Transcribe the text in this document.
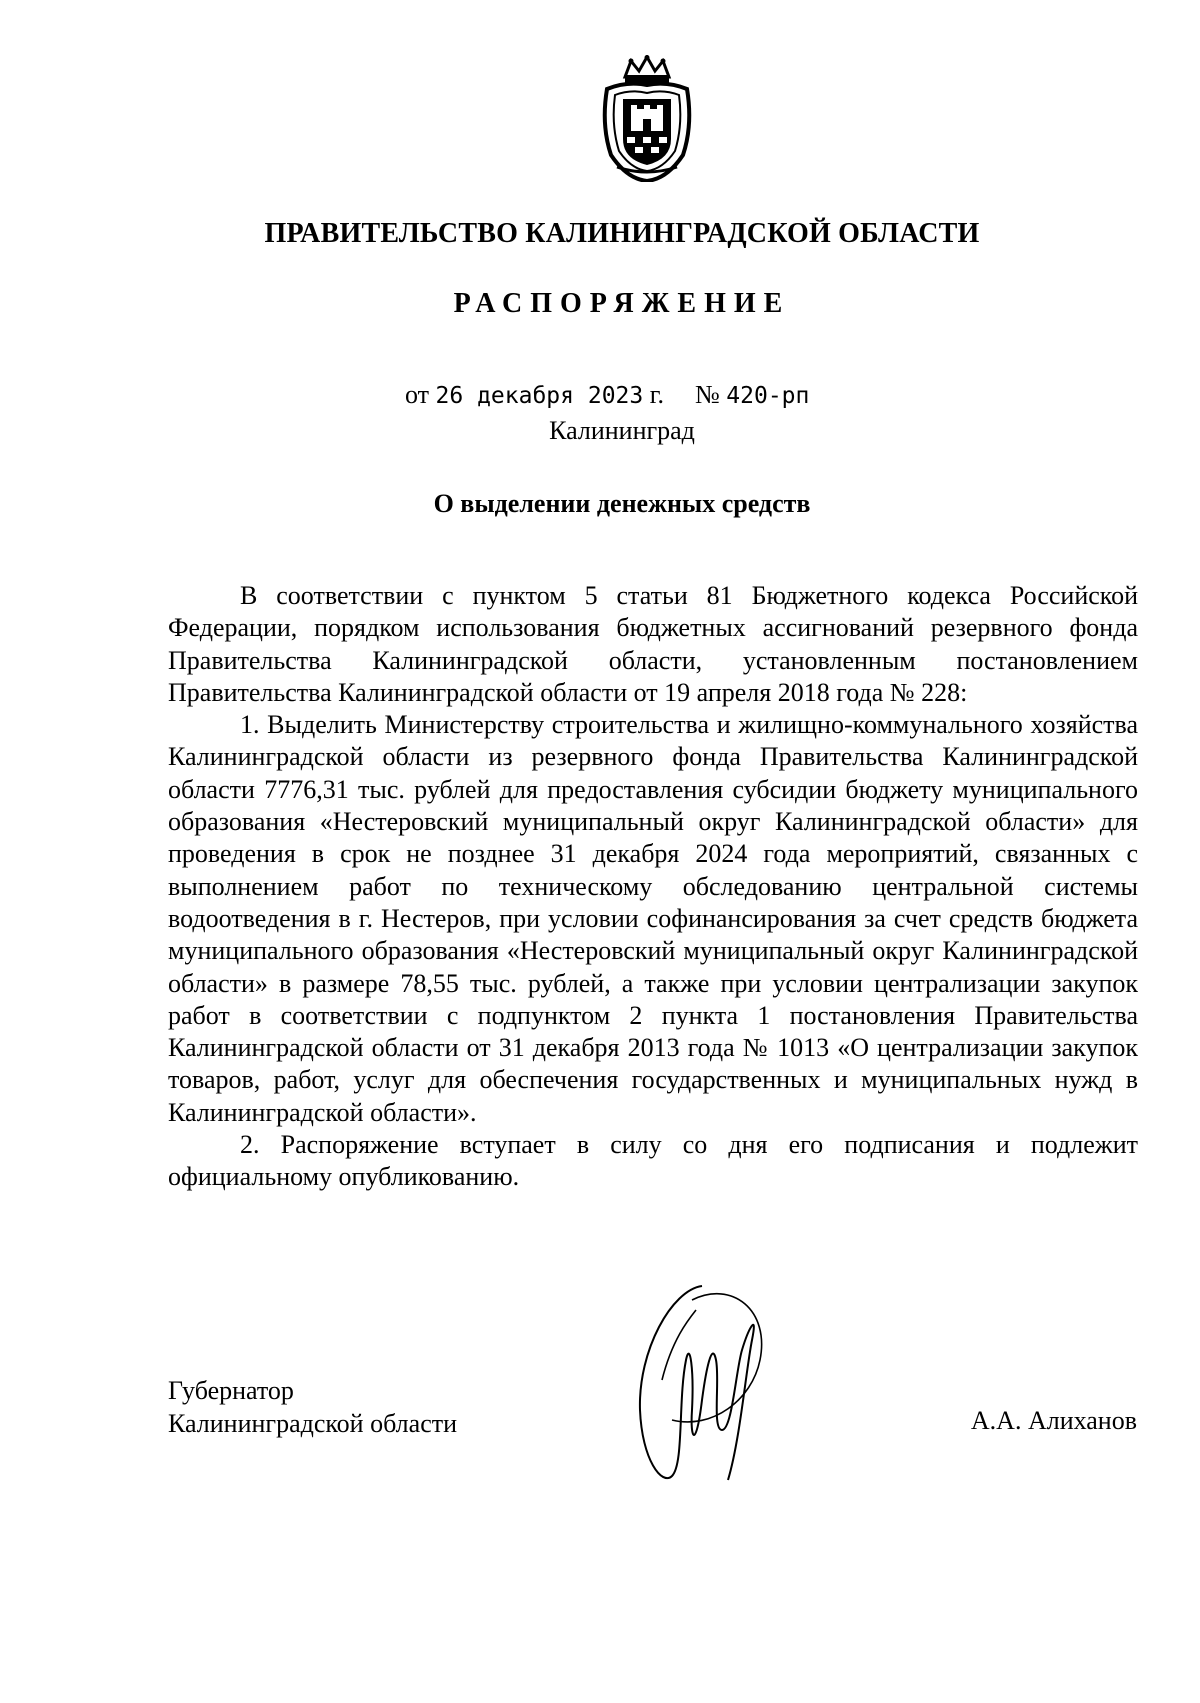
ПРАВИТЕЛЬСТВО КАЛИНИНГРАДСКОЙ ОБЛАСТИ
РАСПОРЯЖЕНИЕ
от 26 декабря 2023 г. № 420-рп
Калининград
О выделении денежных средств

В соответствии с пунктом 5 статьи 81 Бюджетного кодекса Российской Федерации, порядком использования бюджетных ассигнований резервного фонда Правительства Калининградской области, установленным постановлением Правительства Калининградской области от 19 апреля 2018 года № 228:

1. Выделить Министерству строительства и жилищно-коммунального хозяйства Калининградской области из резервного фонда Правительства Калининградской области 7776,31 тыс. рублей для предоставления субсидии бюджету муниципального образования «Нестеровский муниципальный округ Калининградской области» для проведения в срок не позднее 31 декабря 2024 года мероприятий, связанных с выполнением работ по техническому обследованию центральной системы водоотведения в г. Нестеров, при условии софинансирования за счет средств бюджета муниципального образования «Нестеровский муниципальный округ Калининградской области» в размере 78,55 тыс. рублей, а также при условии централизации закупок работ в соответствии с подпунктом 2 пункта 1 постановления Правительства Калининградской области от 31 декабря 2013 года № 1013 «О централизации закупок товаров, работ, услуг для обеспечения государственных и муниципальных нужд в Калининградской области».

2. Распоряжение вступает в силу со дня его подписания и подлежит официальному опубликованию.

Губернатор
Калининградской области	А.А. Алиханов
